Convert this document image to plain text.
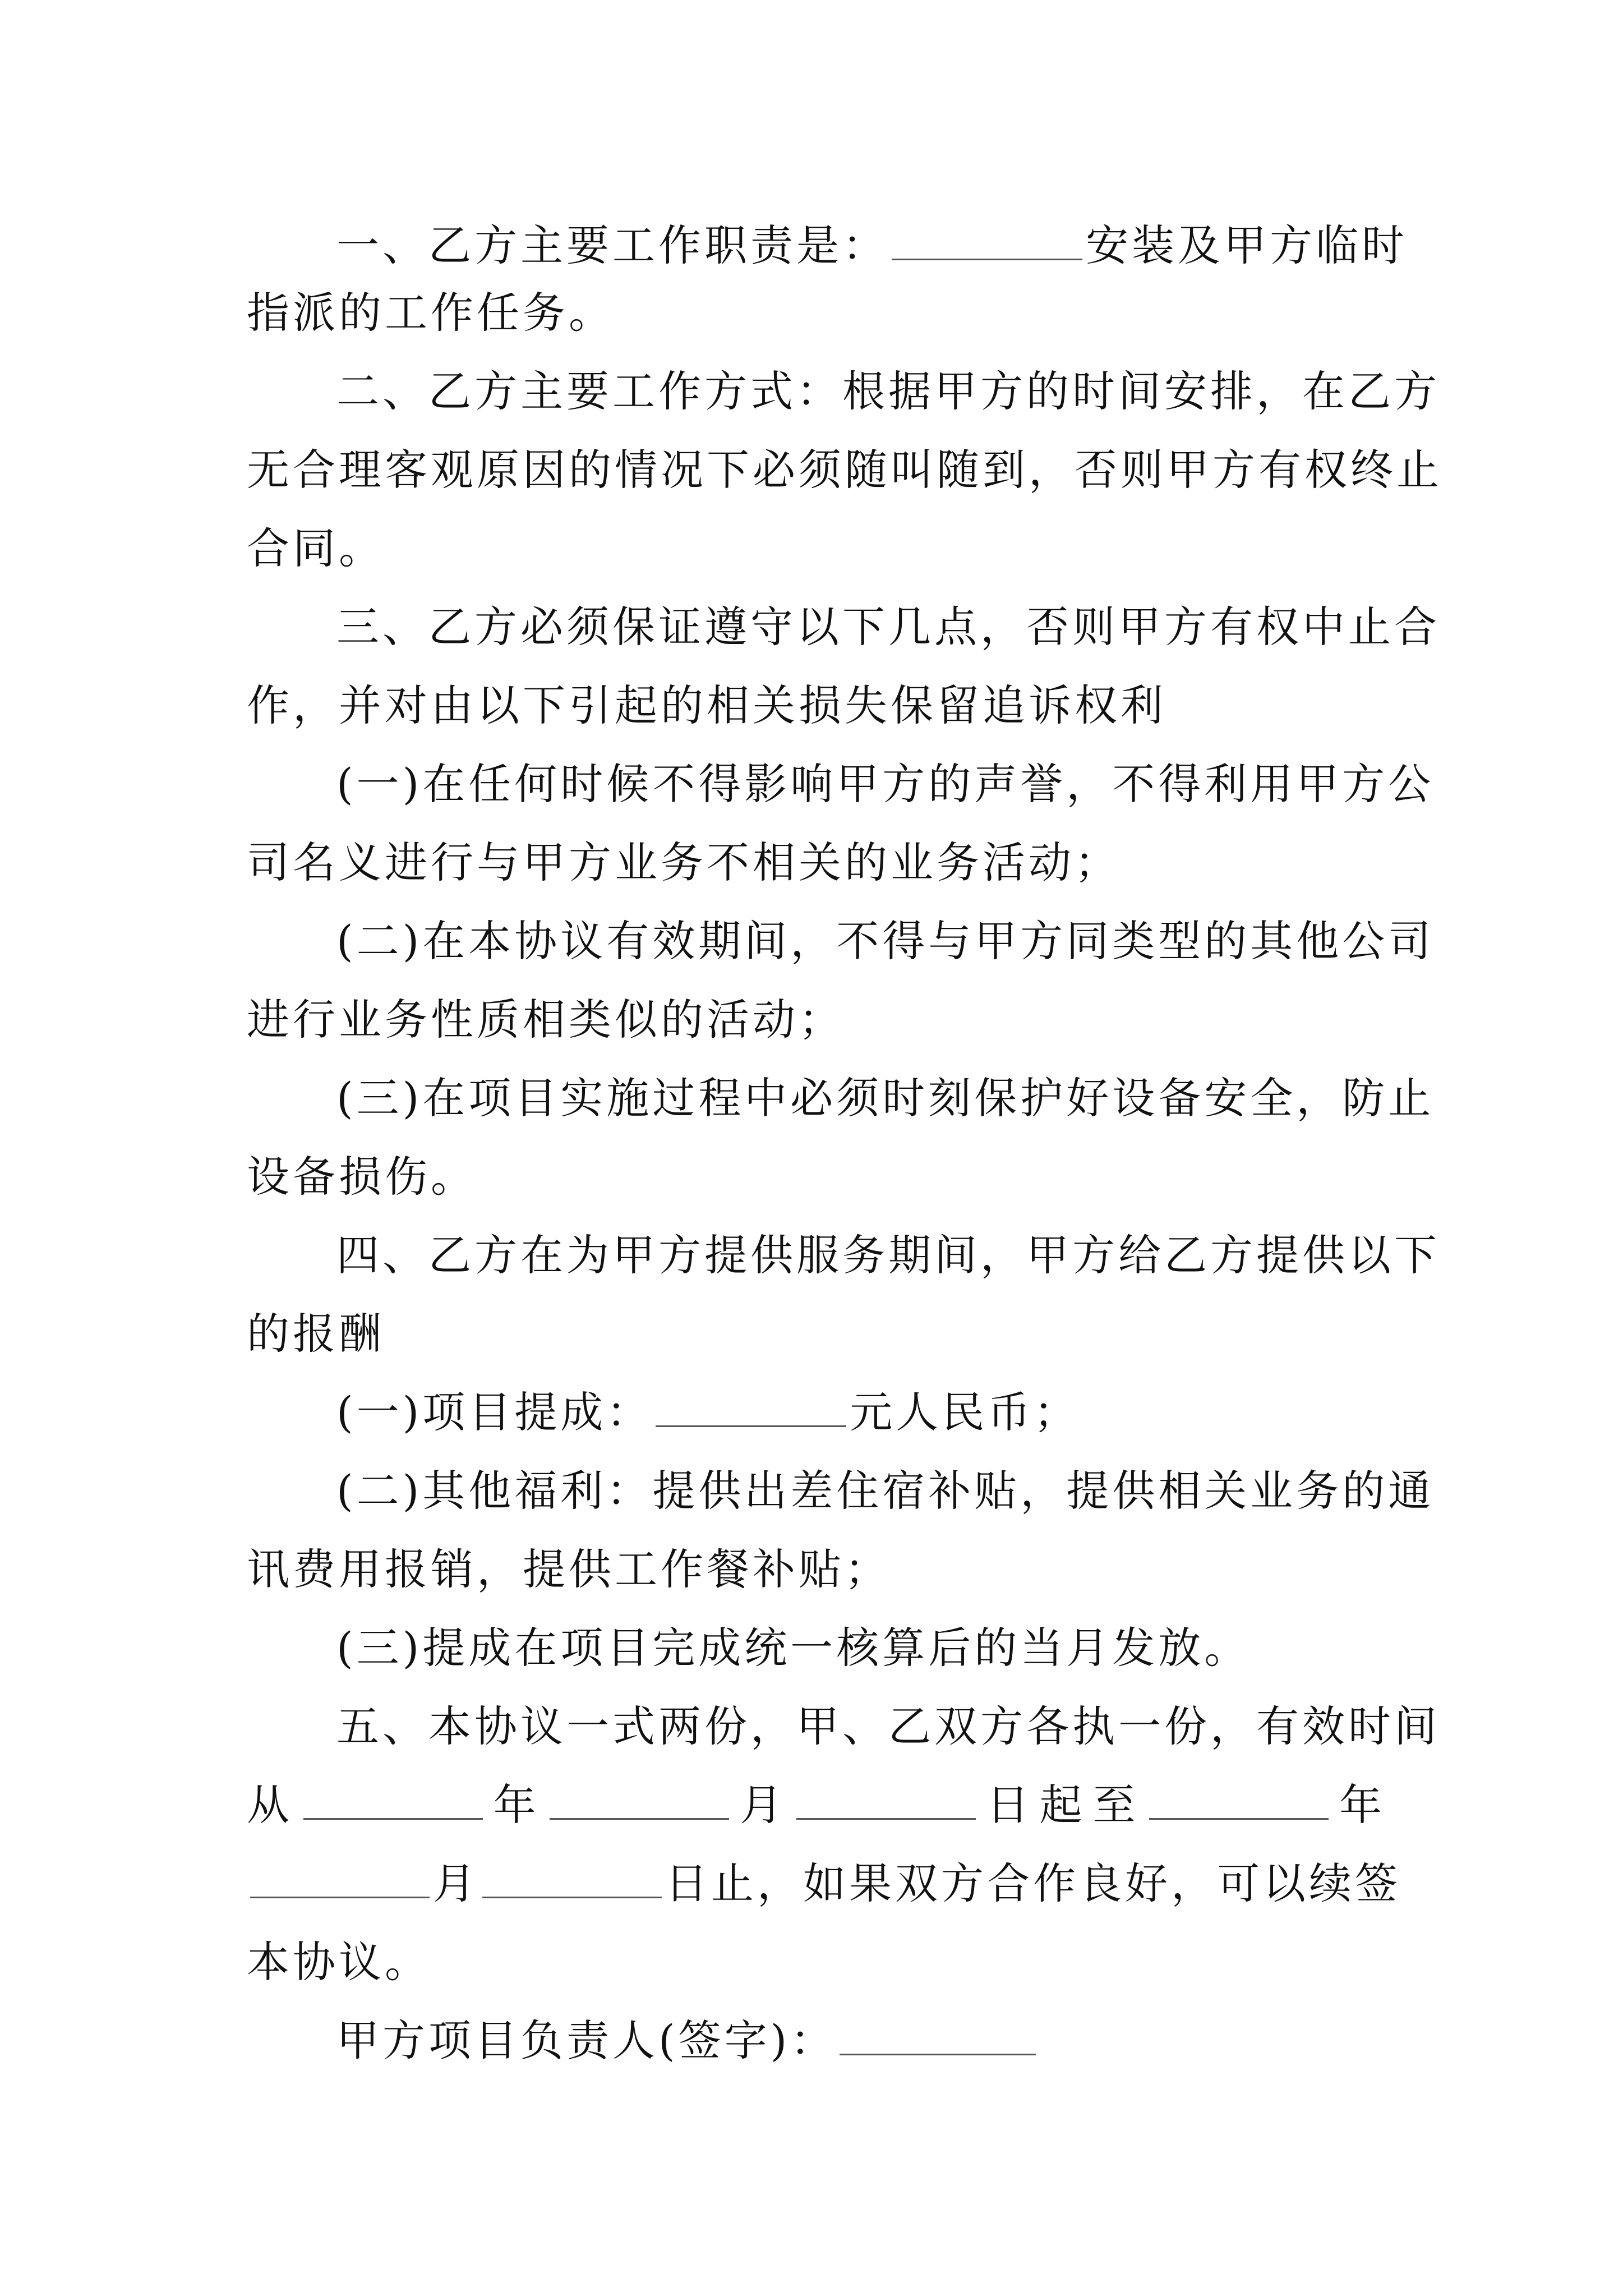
一、乙方主要工作职责是：	安装及甲方临时
指派的工作任务。
二、乙方主要工作方式：根据甲方的时间安排，在乙方
无合理客观原因的情况下必须随叫随到，否则甲方有权终止
合同。
三、乙方必须保证遵守以下几点，否则甲方有权中止合
作，并对由以下引起的相关损失保留追诉权利
(一)在任何时候不得影响甲方的声誉，不得利用甲方公
司名义进行与甲方业务不相关的业务活动；
(二)在本协议有效期间，不得与甲方同类型的其他公司
进行业务性质相类似的活动；
(三)在项目实施过程中必须时刻保护好设备安全，防止
设备损伤。
四、乙方在为甲方提供服务期间，甲方给乙方提供以下
的报酬
(一)项目提成：	元人民币；
(二)其他福利：提供出差住宿补贴，提供相关业务的通
讯费用报销，提供工作餐补贴；
(三)提成在项目完成统一核算后的当月发放。
五、本协议一式两份，甲、乙双方各执一份，有效时间
从	年	月	日起至	年
月	日止，如果双方合作良好，可以续签
本协议。
甲方项目负责人(签字)：
